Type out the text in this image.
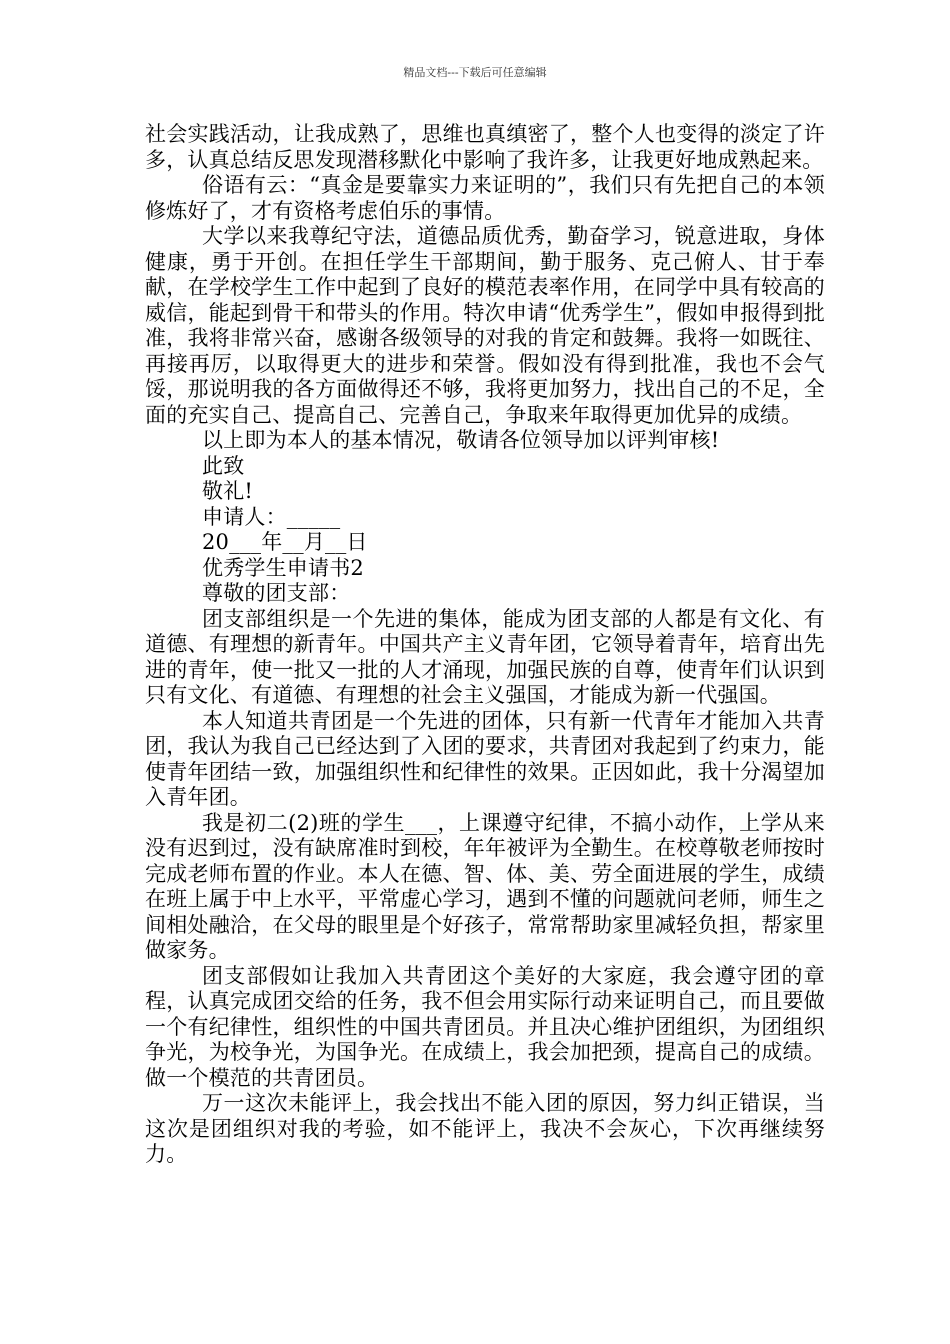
精品文档---下载后可任意编辑

社会实践活动，让我成熟了，思维也真缜密了，整个人也变得的淡定了许多，认真总结反思发现潜移默化中影响了我许多，让我更好地成熟起来。

俗语有云：“真金是要靠实力来证明的”，我们只有先把自己的本领修炼好了，才有资格考虑伯乐的事情。

大学以来我尊纪守法，道德品质优秀，勤奋学习，锐意进取，身体健康，勇于开创。在担任学生干部期间，勤于服务、克己俯人、甘于奉献，在学校学生工作中起到了良好的模范表率作用，在同学中具有较高的威信，能起到骨干和带头的作用。特次申请“优秀学生”，假如申报得到批准，我将非常兴奋，感谢各级领导的对我的肯定和鼓舞。我将一如既往、再接再厉，以取得更大的进步和荣誉。假如没有得到批准，我也不会气馁，那说明我的各方面做得还不够，我将更加努力，找出自己的不足，全面的充实自己、提高自己、完善自己，争取来年取得更加优异的成绩。

以上即为本人的基本情况，敬请各位领导加以评判审核!

此致

敬礼!

申请人：_____

20___年__月__日

优秀学生申请书2

尊敬的团支部：

团支部组织是一个先进的集体，能成为团支部的人都是有文化、有道德、有理想的新青年。中国共产主义青年团，它领导着青年，培育出先进的青年，使一批又一批的人才涌现，加强民族的自尊，使青年们认识到只有文化、有道德、有理想的社会主义强国，才能成为新一代强国。

本人知道共青团是一个先进的团体，只有新一代青年才能加入共青团，我认为我自己已经达到了入团的要求，共青团对我起到了约束力，能使青年团结一致，加强组织性和纪律性的效果。正因如此，我十分渴望加入青年团。

我是初二(2)班的学生___，上课遵守纪律，不搞小动作，上学从来没有迟到过，没有缺席准时到校，年年被评为全勤生。在校尊敬老师按时完成老师布置的作业。本人在德、智、体、美、劳全面进展的学生，成绩在班上属于中上水平，平常虚心学习，遇到不懂的问题就问老师，师生之间相处融洽，在父母的眼里是个好孩子，常常帮助家里减轻负担，帮家里做家务。

团支部假如让我加入共青团这个美好的大家庭，我会遵守团的章程，认真完成团交给的任务，我不但会用实际行动来证明自己，而且要做一个有纪律性，组织性的中国共青团员。并且决心维护团组织，为团组织争光，为校争光，为国争光。在成绩上，我会加把颈，提高自己的成绩。做一个模范的共青团员。

万一这次未能评上，我会找出不能入团的原因，努力纠正错误，当这次是团组织对我的考验，如不能评上，我决不会灰心，下次再继续努力。
